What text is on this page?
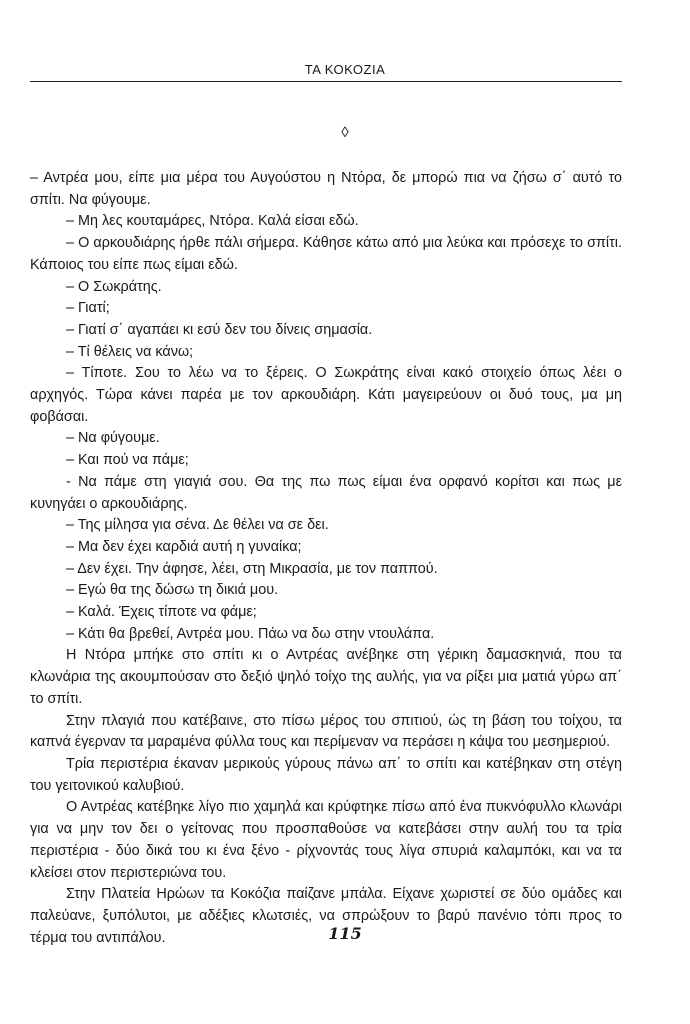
ΤΑ ΚΟΚΟΖΙΑ
◊

– Αντρέα μου, είπε μια μέρα του Αυγούστου η Ντόρα, δε μπορώ πια να ζήσω σ΄ αυτό το σπίτι. Να φύγουμε.

– Μη λες κουταμάρες, Ντόρα. Καλά είσαι εδώ.

– Ο αρκουδιάρης ήρθε πάλι σήμερα. Κάθησε κάτω από μια λεύκα και πρόσεχε το σπίτι. Κάποιος του είπε πως είμαι εδώ.

– Ο Σωκράτης.

– Γιατί;

– Γιατί σ΄ αγαπάει κι εσύ δεν του δίνεις σημασία.

– Τί θέλεις να κάνω;

– Τίποτε. Σου το λέω να το ξέρεις. Ο Σωκράτης είναι κακό στοιχείο όπως λέει ο αρχηγός. Τώρα κάνει παρέα με τον αρκουδιάρη. Κάτι μαγειρεύουν οι δυό τους, μα μη φοβάσαι.

– Να φύγουμε.

– Και πού να πάμε;

- Να πάμε στη γιαγιά σου. Θα της πω πως είμαι ένα ορφανό κορίτσι και πως με κυνηγάει ο αρκουδιάρης.

– Της μίλησα για σένα. Δε θέλει να σε δει.

– Μα δεν έχει καρδιά αυτή η γυναίκα;

– Δεν έχει. Την άφησε, λέει, στη Μικρασία, με τον παππού.

– Εγώ θα της δώσω τη δικιά μου.

– Καλά. Έχεις τίποτε να φάμε;

– Κάτι θα βρεθεί, Αντρέα μου. Πάω να δω στην ντουλάπα.

Η Ντόρα μπήκε στο σπίτι κι ο Αντρέας ανέβηκε στη γέρικη δαμασκηνιά, που τα κλωνάρια της ακουμπούσαν στο δεξιό ψηλό τοίχο της αυλής, για να ρίξει μια ματιά γύρω απ΄ το σπίτι.

Στην πλαγιά που κατέβαινε, στο πίσω μέρος του σπιτιού, ώς τη βάση του τοίχου, τα καπνά έγερναν τα μαραμένα φύλλα τους και περίμεναν να περάσει η κάψα του μεσημεριού.

Τρία περιστέρια έκαναν μερικούς γύρους πάνω απ΄ το σπίτι και κατέβηκαν στη στέγη του γειτονικού καλυβιού.

Ο Αντρέας κατέβηκε λίγο πιο χαμηλά και κρύφτηκε πίσω από ένα πυκνόφυλλο κλωνάρι για να μην τον δει ο γείτονας που προσπαθούσε να κατεβάσει στην αυλή του τα τρία περιστέρια - δύο δικά του κι ένα ξένο - ρίχνοντάς τους λίγα σπυριά καλαμπόκι, και να τα κλείσει στον περιστεριώνα του.

Στην Πλατεία Ηρώων τα Κοκόζια παίζανε μπάλα. Είχανε χωριστεί σε δύο ομάδες και παλεύανε, ξυπόλυτοι, με αδέξιες κλωτσιές, να σπρώξουν το βαρύ πανένιο τόπι προς το τέρμα του αντιπάλου.	115
